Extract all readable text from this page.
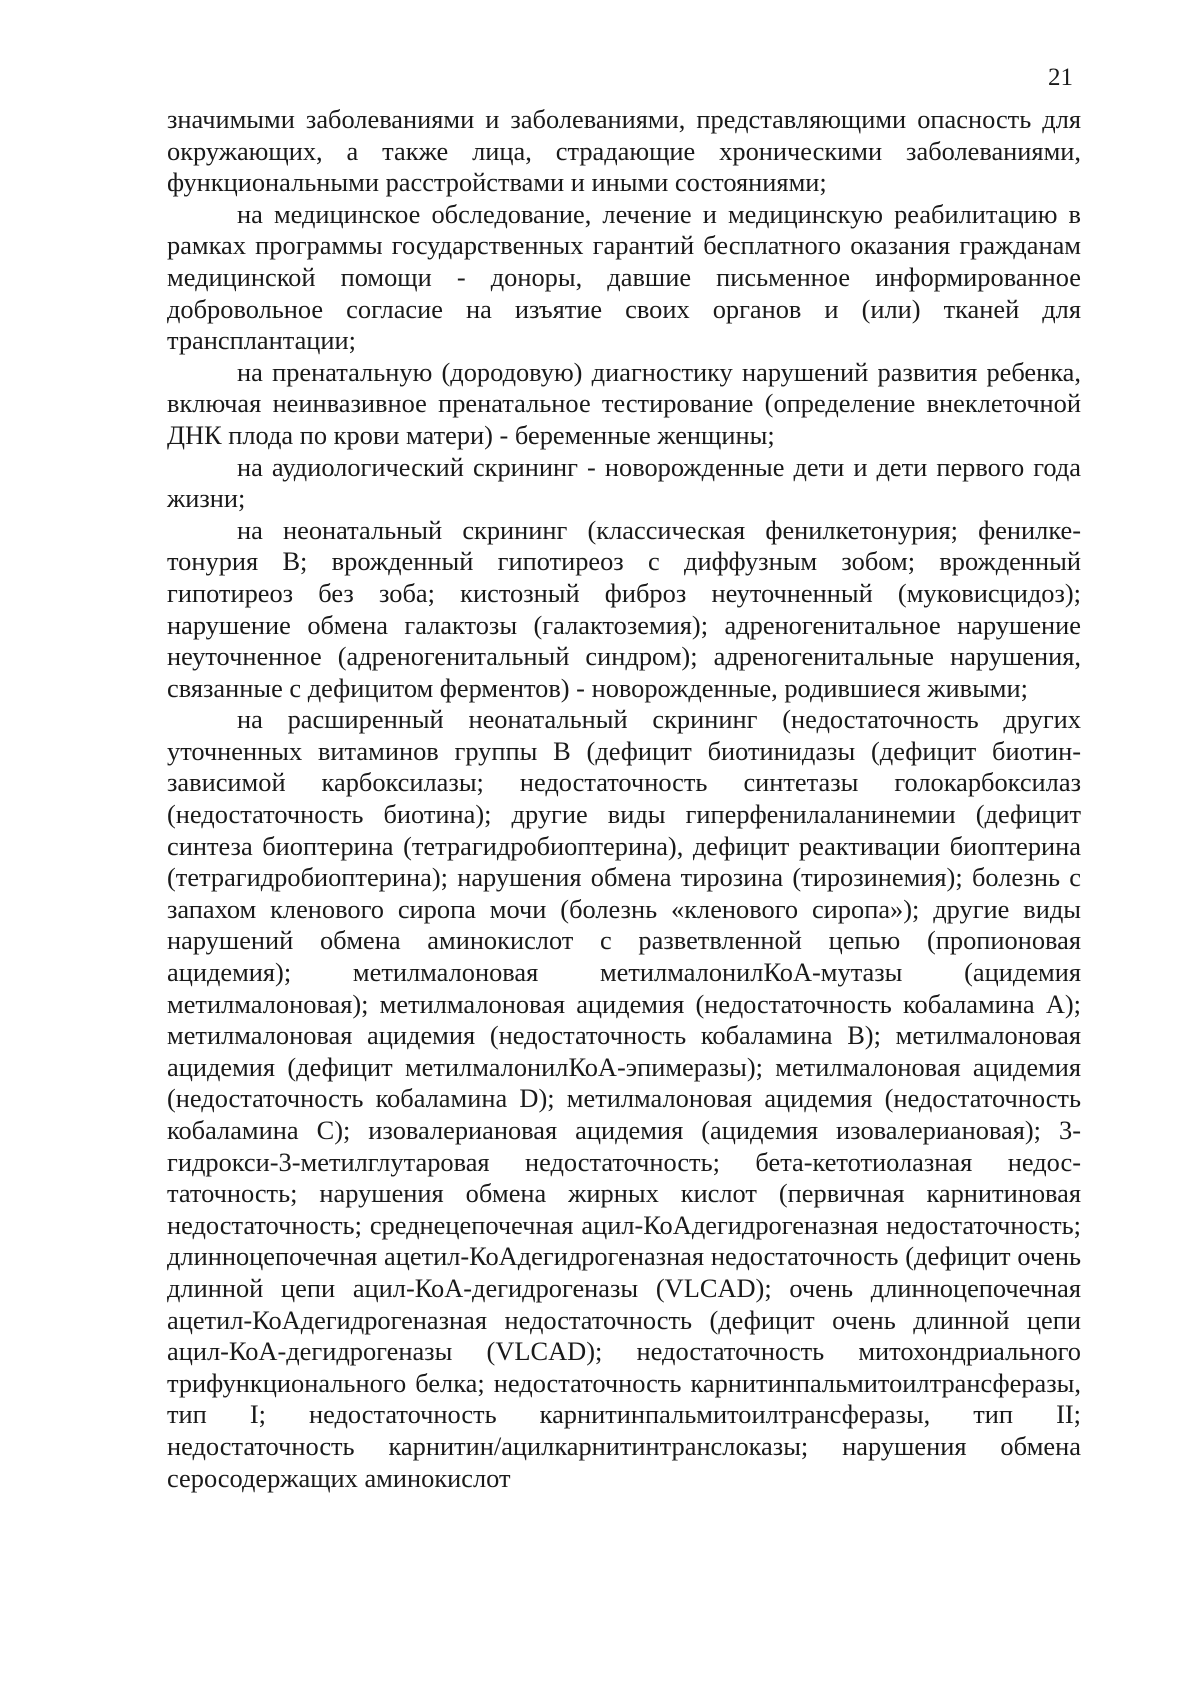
21

значимыми заболеваниями и заболеваниями, представляющими опасность для окружающих, а также лица, страдающие хроническими заболеваниями, функциональными расстройствами и иными состояниями;

на медицинское обследование, лечение и медицинскую реабилитацию в рамках программы государственных гарантий бесплатного оказания гражданам медицинской помощи - доноры, давшие письменное информированное добровольное согласие на изъятие своих органов и (или) тканей для трансплантации;

на пренатальную (дородовую) диагностику нарушений развития ребенка, включая неинвазивное пренатальное тестирование (определение внеклеточной ДНК плода по крови матери) - беременные женщины;

на аудиологический скрининг - новорожденные дети и дети первого года жизни;

на неонатальный скрининг (классическая фенилкетонурия; фенилкетонурия В; врожденный гипотиреоз с диффузным зобом; врожденный гипотиреоз без зоба; кистозный фиброз неуточненный (муковисцидоз); нарушение обмена галактозы (галактоземия); адреногенитальное нарушение неуточненное (адреногенитальный синдром); адреногенитальные нарушения, связанные с дефицитом ферментов) - новорожденные, родившиеся живыми;

на расширенный неонатальный скрининг (недостаточность других уточненных витаминов группы В (дефицит биотинидазы (дефицит биотинзависимой карбоксилазы; недостаточность синтетазы голокарбоксилаз (недостаточность биотина); другие виды гиперфенилаланинемии (дефицит синтеза биоптерина (тетрагидробиоптерина), дефицит реактивации биоптерина (тетрагидробиоптерина); нарушения обмена тирозина (тирозинемия); болезнь с запахом кленового сиропа мочи (болезнь «кленового сиропа»); другие виды нарушений обмена аминокислот с разветвленной цепью (пропионовая ацидемия); метилмалоновая метилмалонилКоА-мутазы (ацидемия метилмалоновая); метилмалоновая ацидемия (недостаточность кобаламина А); метилмалоновая ацидемия (недостаточность кобаламина В); метилмалоновая ацидемия (дефицит метилмалонилКоА-эпимеразы); метилмалоновая ацидемия (недостаточность кобаламина D); метилмалоновая ацидемия (недостаточность кобаламина С); изовалериановая ацидемия (ацидемия изовалериановая); 3-гидрокси-3-метилглутаровая недостаточность; бета-кетотиолазная недостаточность; нарушения обмена жирных кислот (первичная карнитиновая недостаточность; среднецепочечная ацил-КоАдегидрогеназная недостаточность; длинноцепочечная ацетил-КоАдегидрогеназная недостаточность (дефицит очень длинной цепи ацил-КоА-дегидрогеназы (VLCAD); очень длинноцепочечная ацетил-КоАдегидрогеназная недостаточность (дефицит очень длинной цепи ацил-КоА-дегидрогеназы (VLCAD); недостаточность митохондриального трифункционального белка; недостаточность карнитинпальмитоилтрансферазы, тип I; недостаточность карнитинпальмитоилтрансферазы, тип II; недостаточность карнитин/ацилкарнитинтранслоказы; нарушения обмена серосодержащих аминокислот
